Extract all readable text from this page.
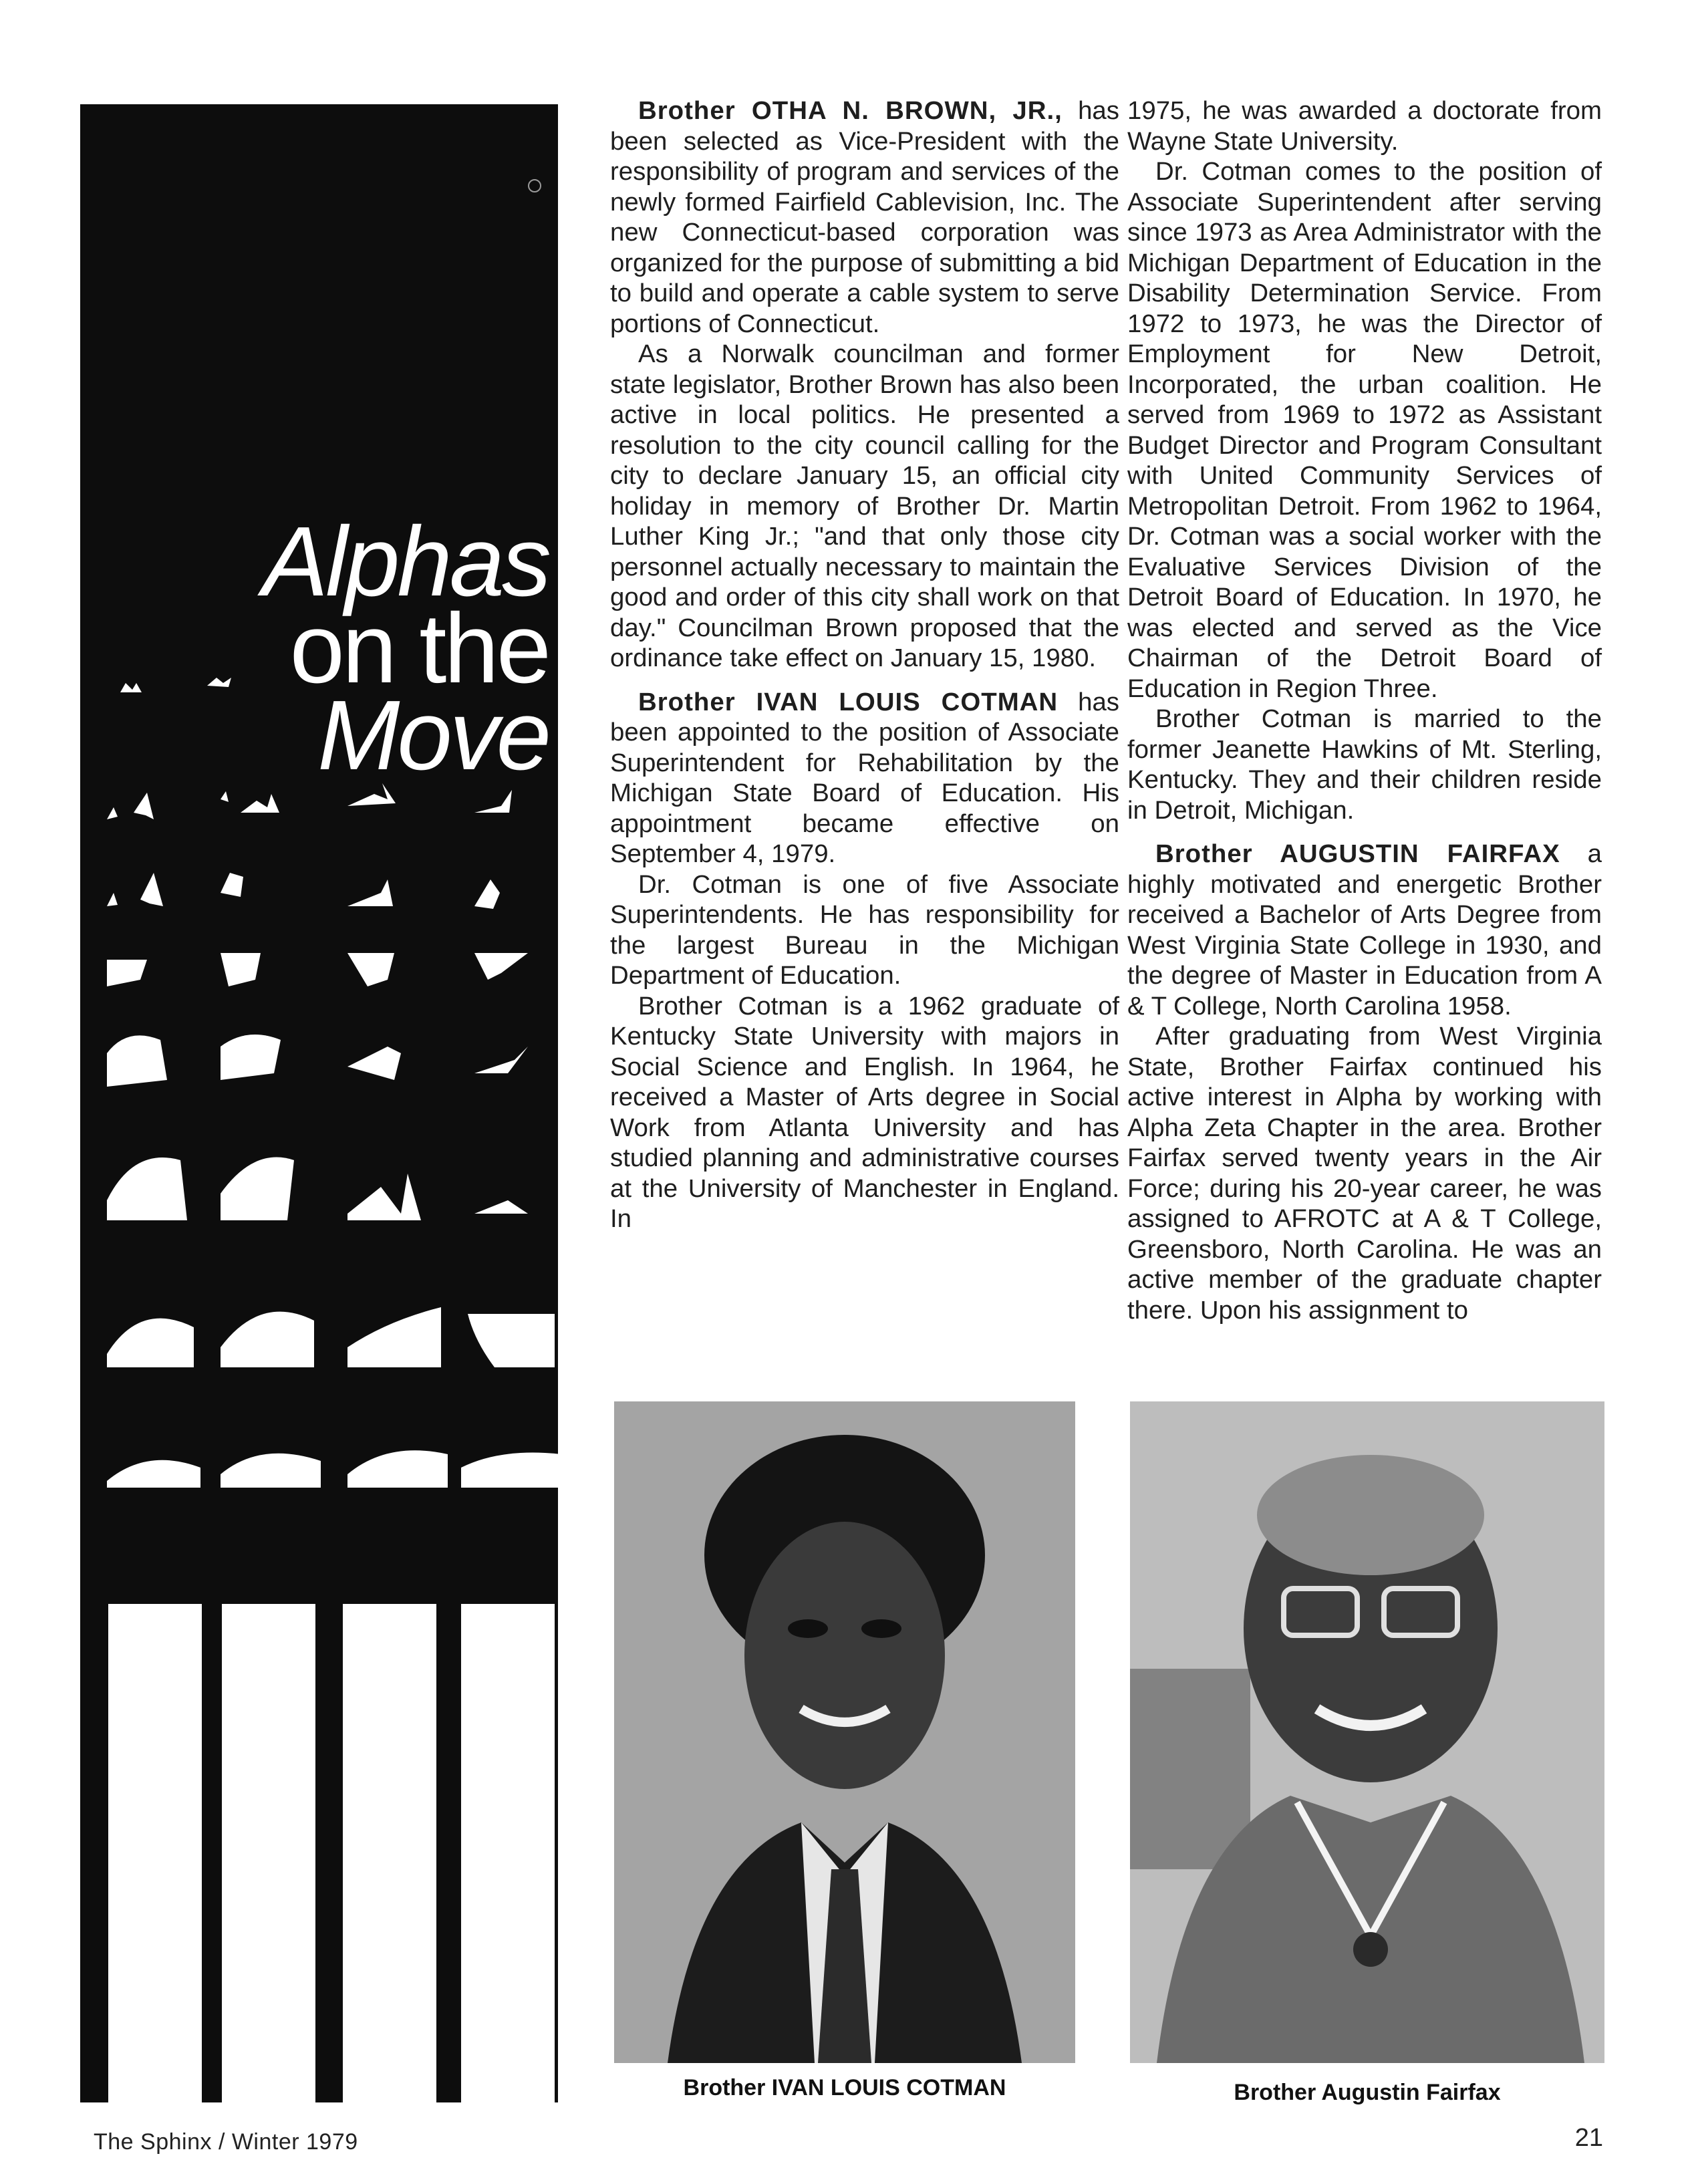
Alphas
on the
Move

Brother OTHA N. BROWN, JR., has been selected as Vice-President with the responsibility of program and services of the newly formed Fairfield Cablevision, Inc. The new Connecticut-based corporation was organized for the purpose of submitting a bid to build and operate a cable system to serve portions of Connecticut.

As a Norwalk councilman and former state legislator, Brother Brown has also been active in local politics. He presented a resolution to the city council calling for the city to declare January 15, an official city holiday in memory of Brother Dr. Martin Luther King Jr.; "and that only those city personnel actually necessary to maintain the good and order of this city shall work on that day." Councilman Brown proposed that the ordinance take effect on January 15, 1980.

Brother IVAN LOUIS COTMAN has been appointed to the position of Associate Superintendent for Rehabilitation by the Michigan State Board of Education. His appointment became effective on September 4, 1979.

Dr. Cotman is one of five Associate Superintendents. He has responsibility for the largest Bureau in the Michigan Department of Education.

Brother Cotman is a 1962 graduate of Kentucky State University with majors in Social Science and English. In 1964, he received a Master of Arts degree in Social Work from Atlanta University and has studied planning and administrative courses at the University of Manchester in England. In

1975, he was awarded a doctorate from Wayne State University.

Dr. Cotman comes to the position of Associate Superintendent after serving since 1973 as Area Administrator with the Michigan Department of Education in the Disability Determination Service. From 1972 to 1973, he was the Director of Employment for New Detroit, Incorporated, the urban coalition. He served from 1969 to 1972 as Assistant Budget Director and Program Consultant with United Community Services of Metropolitan Detroit. From 1962 to 1964, Dr. Cotman was a social worker with the Evaluative Services Division of the Detroit Board of Education. In 1970, he was elected and served as the Vice Chairman of the Detroit Board of Education in Region Three.

Brother Cotman is married to the former Jeanette Hawkins of Mt. Sterling, Kentucky. They and their children reside in Detroit, Michigan.

Brother AUGUSTIN FAIRFAX a highly motivated and energetic Brother received a Bachelor of Arts Degree from West Virginia State College in 1930, and the degree of Master in Education from A & T College, North Carolina 1958.

After graduating from West Virginia State, Brother Fairfax continued his active interest in Alpha by working with Alpha Zeta Chapter in the area. Brother Fairfax served twenty years in the Air Force; during his 20-year career, he was assigned to AFROTC at A & T College, Greensboro, North Carolina. He was an active member of the graduate chapter there. Upon his assignment to

Brother IVAN LOUIS COTMAN	Brother Augustin Fairfax
The Sphinx / Winter 1979	21
